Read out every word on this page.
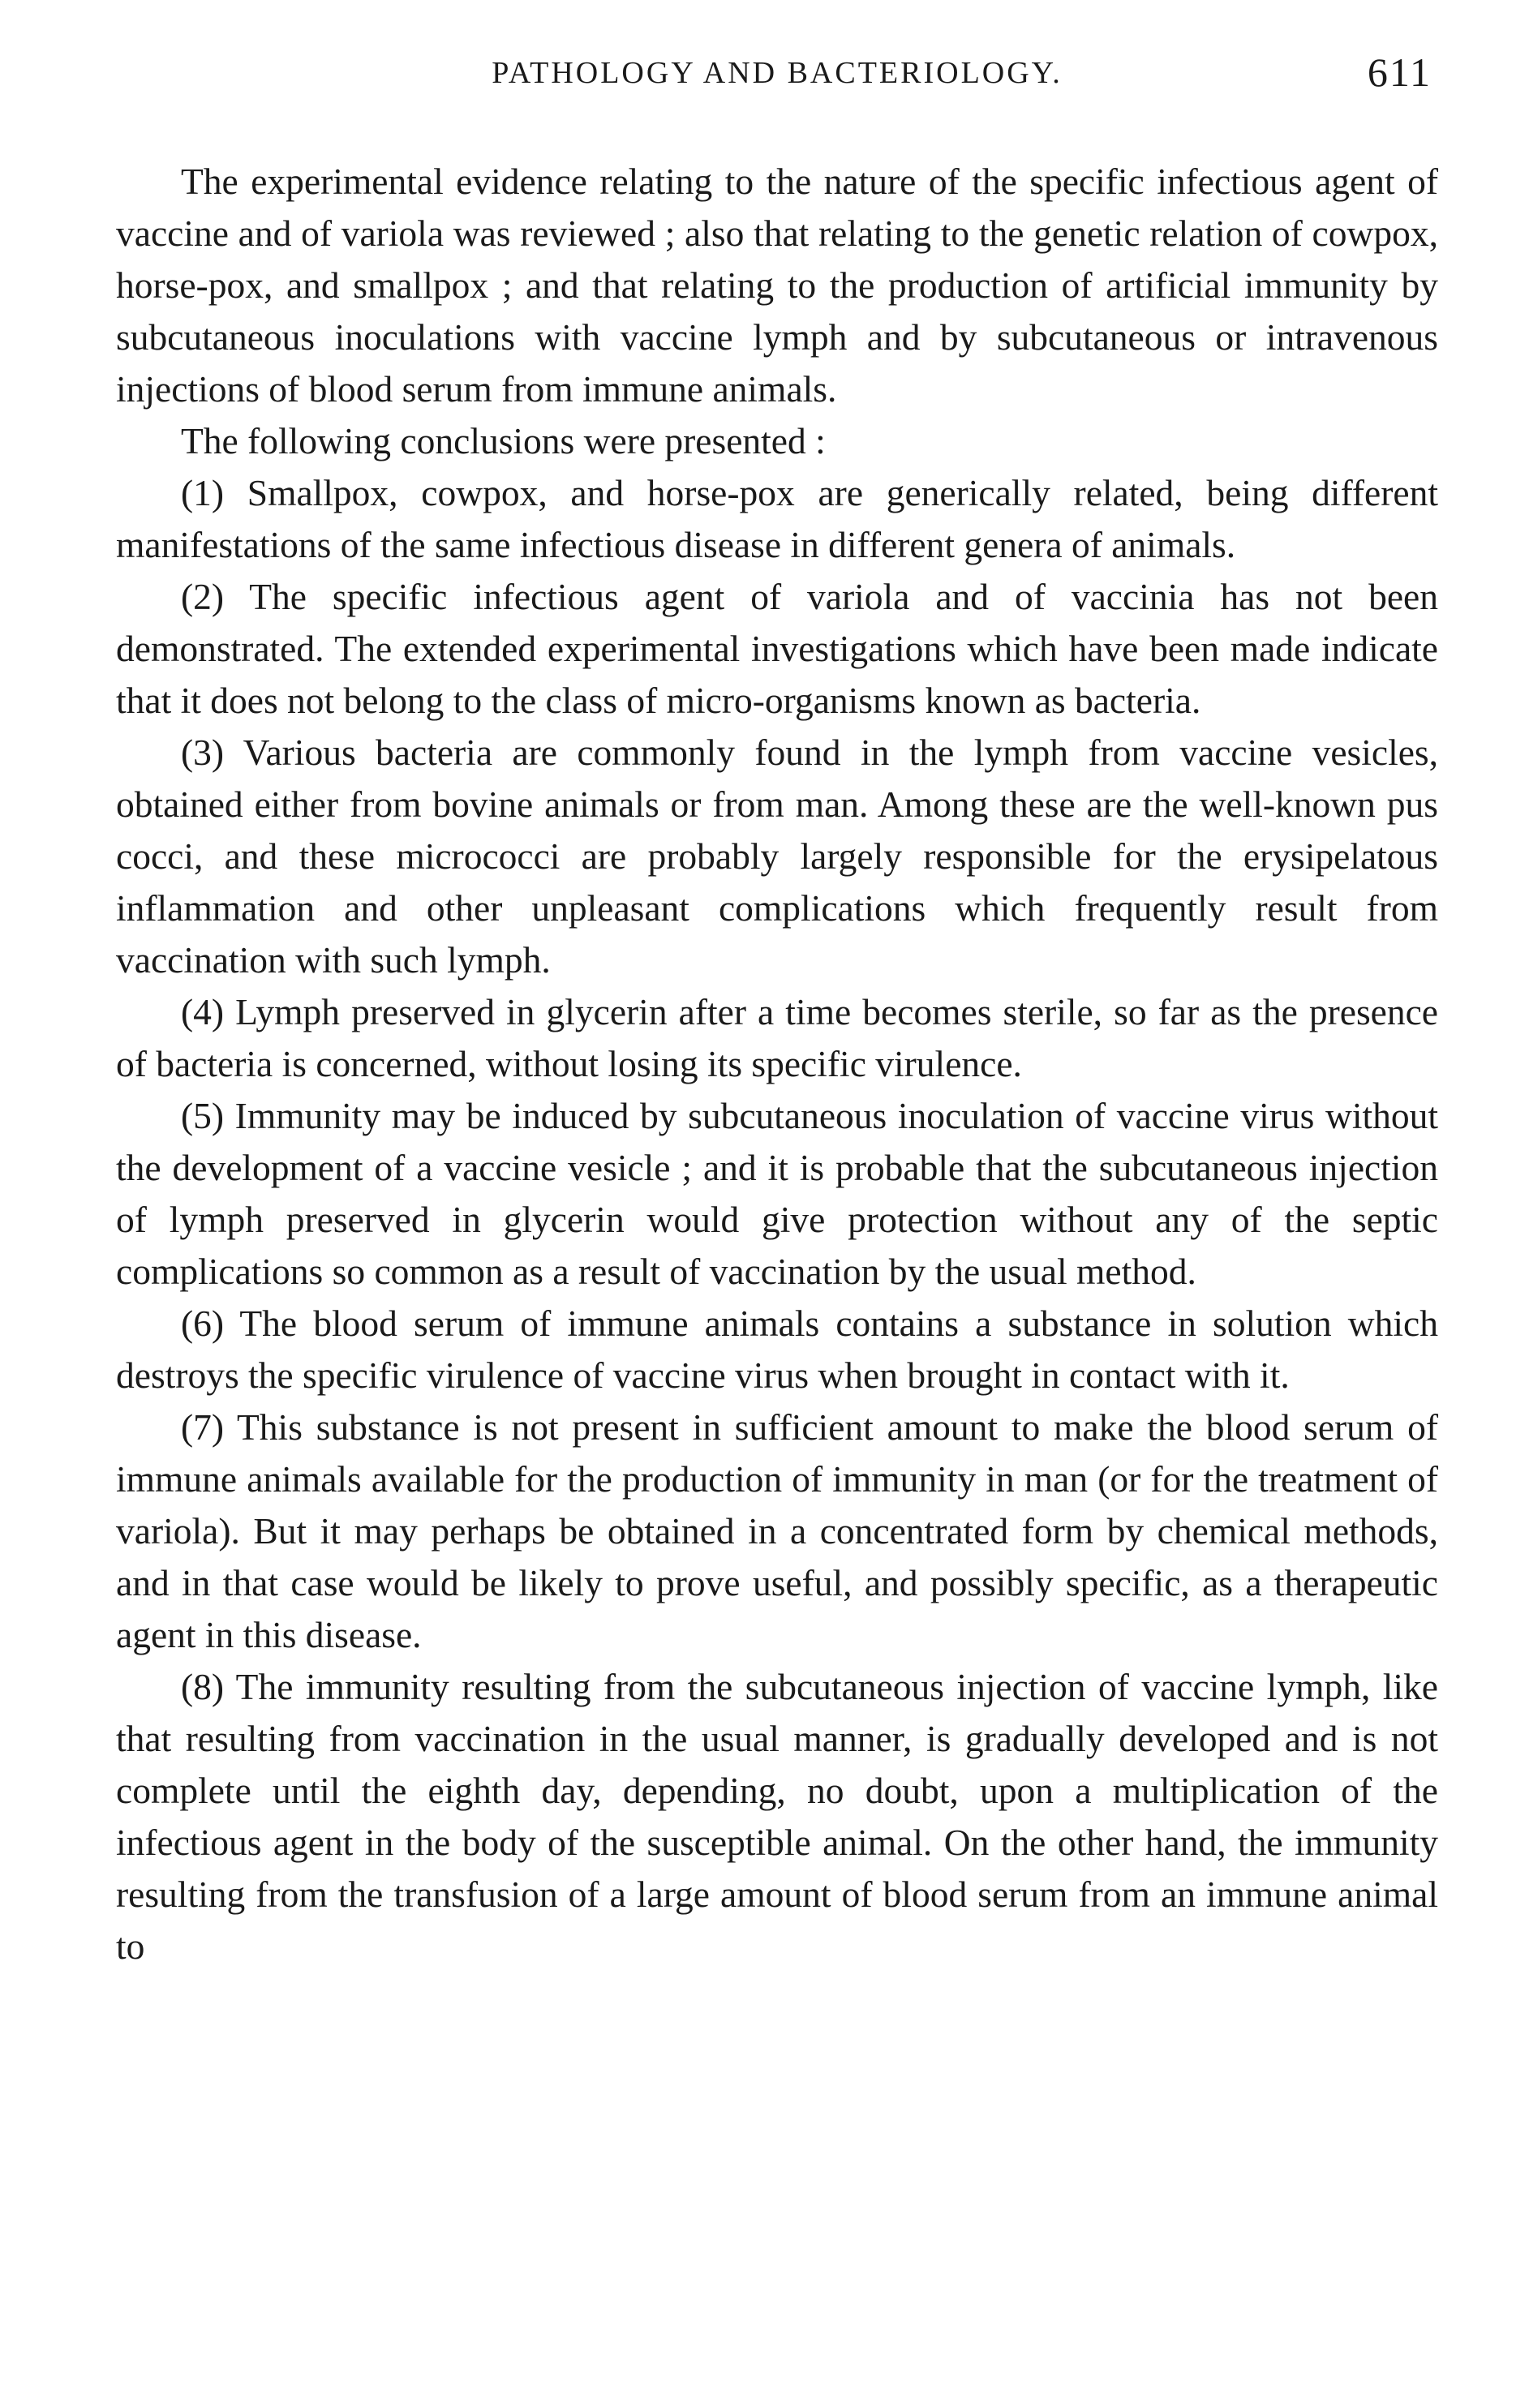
PATHOLOGY AND BACTERIOLOGY.	611

The experimental evidence relating to the nature of the specific infectious agent of vaccine and of variola was reviewed ; also that relating to the genetic relation of cowpox, horse-pox, and smallpox ; and that relating to the production of artificial immunity by subcutaneous inoculations with vaccine lymph and by subcutaneous or intravenous injections of blood serum from immune animals.

The following conclusions were presented :

(1) Smallpox, cowpox, and horse-pox are generically related, being different manifestations of the same infectious disease in different genera of animals.

(2) The specific infectious agent of variola and of vaccinia has not been demonstrated. The extended experimental investigations which have been made indicate that it does not belong to the class of micro-organisms known as bacteria.

(3) Various bacteria are commonly found in the lymph from vaccine vesicles, obtained either from bovine animals or from man. Among these are the well-known pus cocci, and these micrococci are probably largely responsible for the erysipelatous inflammation and other unpleasant complications which frequently result from vaccination with such lymph.

(4) Lymph preserved in glycerin after a time becomes sterile, so far as the presence of bacteria is concerned, without losing its specific virulence.

(5) Immunity may be induced by subcutaneous inoculation of vaccine virus without the development of a vaccine vesicle ; and it is probable that the subcutaneous injection of lymph preserved in glycerin would give protection without any of the septic complications so common as a result of vaccination by the usual method.

(6) The blood serum of immune animals contains a substance in solution which destroys the specific virulence of vaccine virus when brought in contact with it.

(7) This substance is not present in sufficient amount to make the blood serum of immune animals available for the production of immunity in man (or for the treatment of variola). But it may perhaps be obtained in a concentrated form by chemical methods, and in that case would be likely to prove useful, and possibly specific, as a therapeutic agent in this disease.

(8) The immunity resulting from the subcutaneous injection of vaccine lymph, like that resulting from vaccination in the usual manner, is gradually developed and is not complete until the eighth day, depending, no doubt, upon a multiplication of the infectious agent in the body of the susceptible animal. On the other hand, the immunity resulting from the transfusion of a large amount of blood serum from an immune animal to
